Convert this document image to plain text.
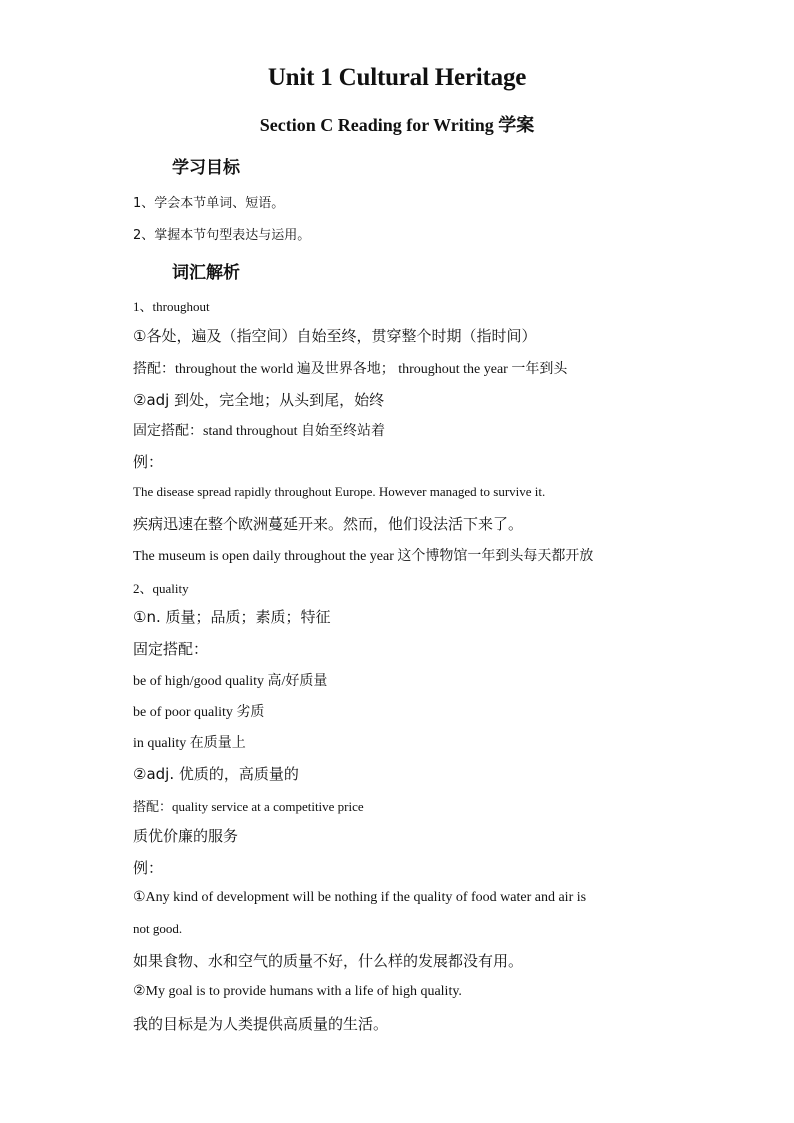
Unit 1 Cultural Heritage
Section C Reading for Writing 学案
学习目标
1、学会本节单词、短语。
2、掌握本节句型表达与运用。
词汇解析
1、throughout
①各处，遍及（指空间）自始至终，贯穿整个时期（指时间）
搭配：throughout the world 遍及世界各地； throughout the year 一年到头
②adj 到处，完全地；从头到尾，始终
固定搭配：stand throughout 自始至终站着
例：
The disease spread rapidly throughout Europe. However managed to survive it.
疾病迅速在整个欧洲蔓延开来。然而，他们设法活下来了。
The museum is open daily throughout the year 这个博物馆一年到头每天都开放
2、quality
①n. 质量；品质；素质；特征
固定搭配：
be of high/good quality 高/好质量
be of poor quality 劣质
in quality 在质量上
②adj. 优质的，高质量的
搭配：quality service at a competitive price
质优价廉的服务
例：
①Any kind of development will be nothing if the quality of food water and air is
not good.
如果食物、水和空气的质量不好，什么样的发展都没有用。
②My goal is to provide humans with a life of high quality.
我的目标是为人类提供高质量的生活。
